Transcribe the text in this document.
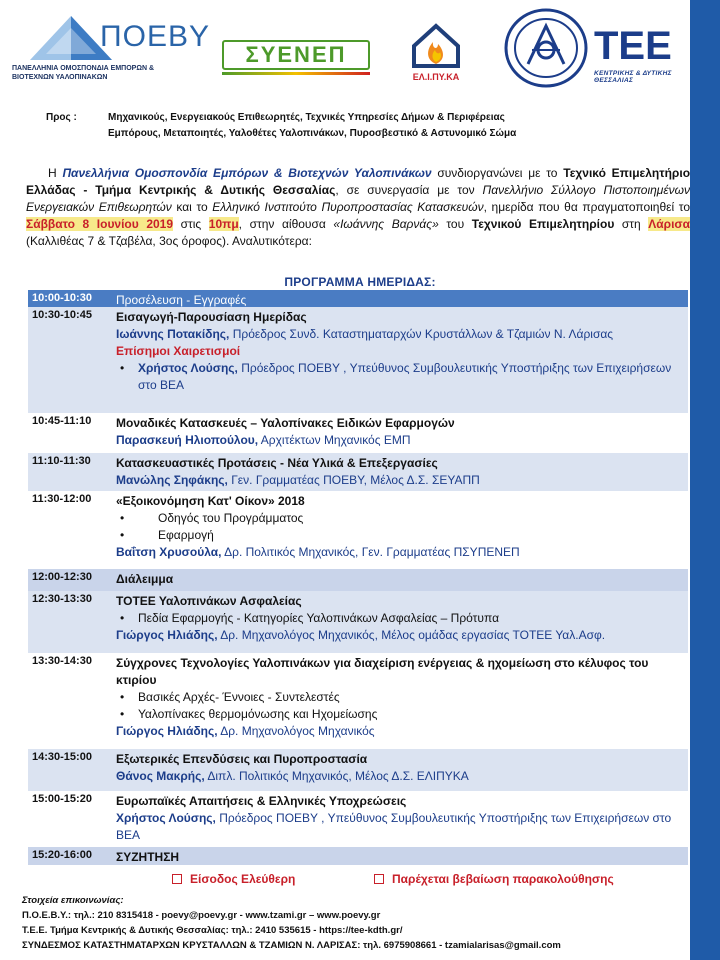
ΠΟΕΒΥ
ΠΑΝΕΛΛΗΝΙΑ ΟΜΟΣΠΟΝΔΙΑ ΕΜΠΟΡΩΝ &
ΒΙΟΤΕΧΝΩΝ ΥΑΛΟΠΙΝΑΚΩΝ
ΣΥΕΝΕΠ
ΕΛ.Ι.ΠΥ.ΚΑ
ΤΕΕ
ΚΕΝΤΡΙΚΗΣ & ΔΥΤΙΚΗΣ ΘΕΣΣΑΛΙΑΣ
Προς :	Μηχανικούς, Ενεργειακούς Επιθεωρητές, Τεχνικές Υπηρεσίες Δήμων & Περιφέρειας
Εμπόρους, Μεταποιητές, Υαλοθέτες Υαλοπινάκων, Πυροσβεστικό & Αστυνομικό Σώμα
Η Πανελλήνια Ομοσπονδία Εμπόρων & Βιοτεχνών Υαλοπινάκων συνδιοργανώνει με το Τεχνικό Επιμελητήριο Ελλάδας - Τμήμα Κεντρικής & Δυτικής Θεσσαλίας, σε συνεργασία με τον Πανελλήνιο Σύλλογο Πιστοποιημένων Ενεργειακών Επιθεωρητών και το Ελληνικό Ινστιτούτο Πυροπροστασίας Κατασκευών, ημερίδα που θα πραγματοποιηθεί το Σάββατο 8 Ιουνίου 2019 στις 10πμ, στην αίθουσα «Ιωάννης Βαρνάς» του Τεχνικού Επιμελητηρίου στη Λάρισα (Καλλιθέας 7 & Τζαβέλα, 3ος όροφος). Αναλυτικότερα:
ΠΡΟΓΡΑΜΜΑ ΗΜΕΡΙΔΑΣ:
10:00-10:30	Προσέλευση - Εγγραφές
10:30-10:45	Εισαγωγή-Παρουσίαση Ημερίδας
Ιωάννης Ποτακίδης, Πρόεδρος Συνδ. Καταστηματαρχών Κρυστάλλων & Τζαμιών Ν. Λάρισας
Επίσημοι Χαιρετισμοί
•	Χρήστος Λούσης, Πρόεδρος ΠΟΕΒΥ , Υπεύθυνος Συμβουλευτικής Υποστήριξης των Επιχειρήσεων στο ΒΕΑ
10:45-11:10	Μοναδικές Κατασκευές – Υαλοπίνακες Ειδικών Εφαρμογών
Παρασκευή Ηλιοπούλου, Αρχιτέκτων Μηχανικός ΕΜΠ
11:10-11:30	Κατασκευαστικές Προτάσεις - Νέα Υλικά & Επεξεργασίες
Μανώλης Σηφάκης, Γεν. Γραμματέας ΠΟΕΒΥ, Μέλος Δ.Σ. ΣΕΥΑΠΠ
11:30-12:00	«Εξοικονόμηση Κατ' Οίκον» 2018
•	Οδηγός του Προγράμματος
•	Εφαρμογή
Βαΐτση Χρυσούλα, Δρ. Πολιτικός Μηχανικός, Γεν. Γραμματέας ΠΣΥΠΕΝΕΠ
12:00-12:30	Διάλειμμα
12:30-13:30	ΤΟΤΕΕ Υαλοπινάκων Ασφαλείας
•	Πεδία Εφαρμογής - Κατηγορίες Υαλοπινάκων Ασφαλείας – Πρότυπα
Γιώργος Ηλιάδης, Δρ. Μηχανολόγος Μηχανικός, Μέλος ομάδας εργασίας ΤΟΤΕΕ Υαλ.Ασφ.
13:30-14:30	Σύγχρονες Τεχνολογίες Υαλοπινάκων για διαχείριση ενέργειας & ηχομείωση στο κέλυφος του κτιρίου
•	Βασικές Αρχές- Έννοιες - Συντελεστές
•	Υαλοπίνακες θερμομόνωσης και Ηχομείωσης
Γιώργος Ηλιάδης, Δρ. Μηχανολόγος Μηχανικός
14:30-15:00	Εξωτερικές Επενδύσεις και Πυροπροστασία
Θάνος Μακρής, Διπλ. Πολιτικός Μηχανικός, Μέλος Δ.Σ. ΕΛΙΠΥΚΑ
15:00-15:20	Ευρωπαϊκές Απαιτήσεις & Ελληνικές Υποχρεώσεις
Χρήστος Λούσης, Πρόεδρος ΠΟΕΒΥ , Υπεύθυνος Συμβουλευτικής Υποστήριξης των Επιχειρήσεων στο ΒΕΑ
15:20-16:00	ΣΥΖΗΤΗΣΗ
Είσοδος Ελεύθερη	Παρέχεται βεβαίωση παρακολούθησης
Στοιχεία επικοινωνίας:
Π.Ο.Ε.Β.Υ.: τηλ.: 210 8315418 - poevy@poevy.gr - www.tzami.gr – www.poevy.gr
Τ.Ε.Ε. Τμήμα Κεντρικής & Δυτικής Θεσσαλίας: τηλ.: 2410 535615 - https://tee-kdth.gr/
ΣΥΝΔΕΣΜΟΣ ΚΑΤΑΣΤΗΜΑΤΑΡΧΩΝ ΚΡΥΣΤΑΛΛΩΝ & ΤΖΑΜΙΩΝ Ν. ΛΑΡΙΣΑΣ: τηλ. 6975908661 - tzamialarisas@gmail.com
